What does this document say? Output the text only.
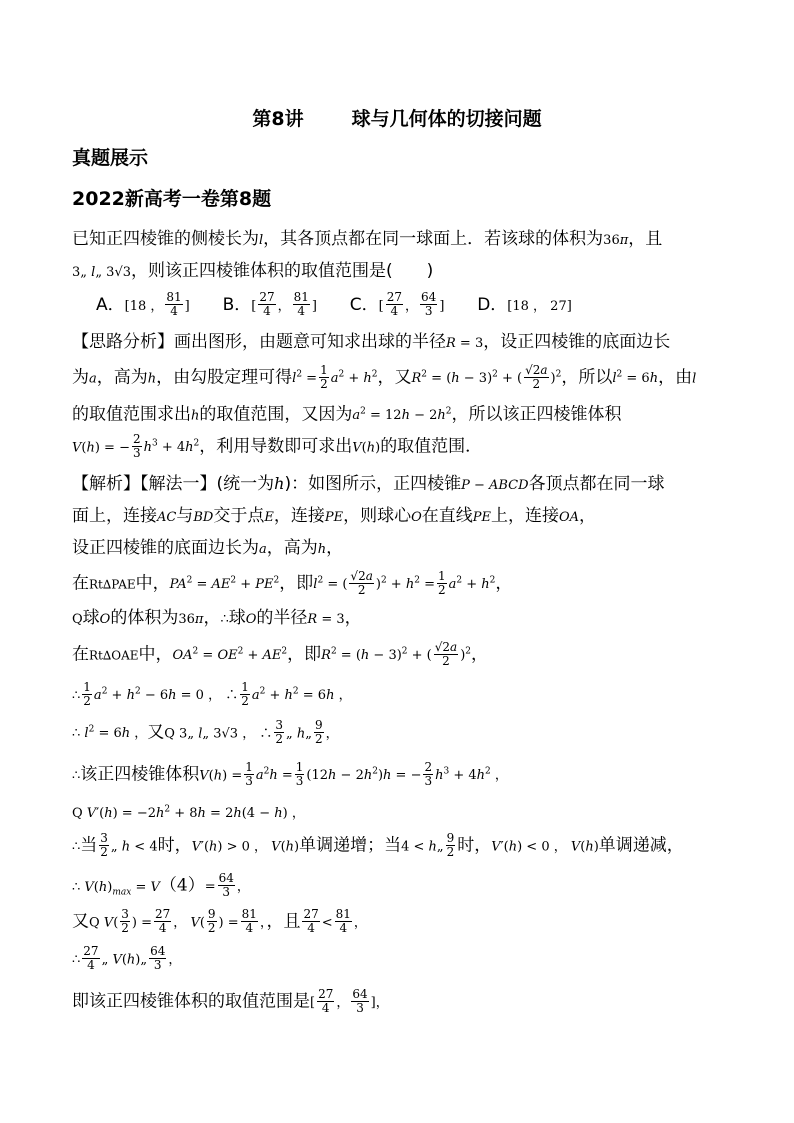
第8讲	球与几何体的切接问题
真题展示
2022新高考一卷第8题
已知正四棱锥的侧棱长为l，其各顶点都在同一球面上．若该球的体积为36π，且
3„ l„ 3√3，则该正四棱锥体积的取值范围是(　　)
A．[18 ， $\frac{81}{4}$ ] B．[ $\frac{27}{4}$ ， $\frac{81}{4}$ ] C．[ $\frac{27}{4}$ ， $\frac{64}{3}$ ] D．[18 ， 27]
【思路分析】画出图形，由题意可知求出球的半径R = 3，设正四棱锥的底面边长
为a，高为h，由勾股定理可得$l^2 = \frac{1}{2} a^2 + h^2$，又$R^2 = (h - 3)^2$ + ( $\frac{√2a}{2} )^2$，所以$l^2 = 6h$，由l
的取值范围求出h的取值范围，又因为$a^2 = 12h - 2h^2$，所以该正四棱锥体积
V(h) = − $\frac{2}{3} h^3 + 4h^2$，利用导数即可求出V(h)的取值范围．
【解析】【解法一】(统一为h)：如图所示，正四棱锥P − ABCD各顶点都在同一球
面上，连接AC与BD交于点E，连接PE，则球心O在直线PE上，连接OA，
设正四棱锥的底面边长为a，高为h，
在Rt∆PAE中，$PA^2 = AE^2 + PE^2$，即$l^2$ = ( $\frac{√2a}{2} )^2 + h^2 = \frac{1}{2} a^2 + h^2$，
Q球O的体积为36π，∴球O的半径R = 3，
在Rt∆OAE中，$OA^2 = OE^2 + AE^2$，即$R^2 = (h - 3)^2$ + ( $\frac{√2a}{2} )^2$，
∴ $\frac{1}{2} a^2 + h^2 - 6h = 0$ ， ∴ $\frac{1}{2} a^2 + h^2 = 6h$ ，
∴ $l^2 = 6h$ ，又Q 3„ l„ 3√3 ， ∴ $\frac{3}{2}$ „ h„ $\frac{9}{2}$ ，
∴该正四棱锥体积$V(h) = \frac{1}{3} a^2h = \frac{1}{3} (12h - 2h^2)h$ = − $\frac{2}{3} h^3 + 4h^2$ ，
Q $V'(h) = -2h^2 + 8h = 2h(4 - h)$ ，
∴当 $\frac{3}{2}$ „ h < 4时，V′(h) > 0 ， V(h)单调递增；当4 < h„ $\frac{9}{2}$ 时，V′(h) < 0 ， V(h)单调递减，
∴ $V(h)_{max} = V(4)= \frac{64}{3}$ ，
又Q $V( \frac{3}{2}$ ) = $\frac{27}{4}$ ， $V( \frac{9}{2}$ ) = $\frac{81}{4}$ ，，且 $\frac{27}{4} < \frac{81}{4}$ ，
∴ $\frac{27}{4}$ „ V(h)„ $\frac{64}{3}$ ，
即该正四棱锥体积的取值范围是[ $\frac{27}{4}$ ， $\frac{64}{3}$ ]，
